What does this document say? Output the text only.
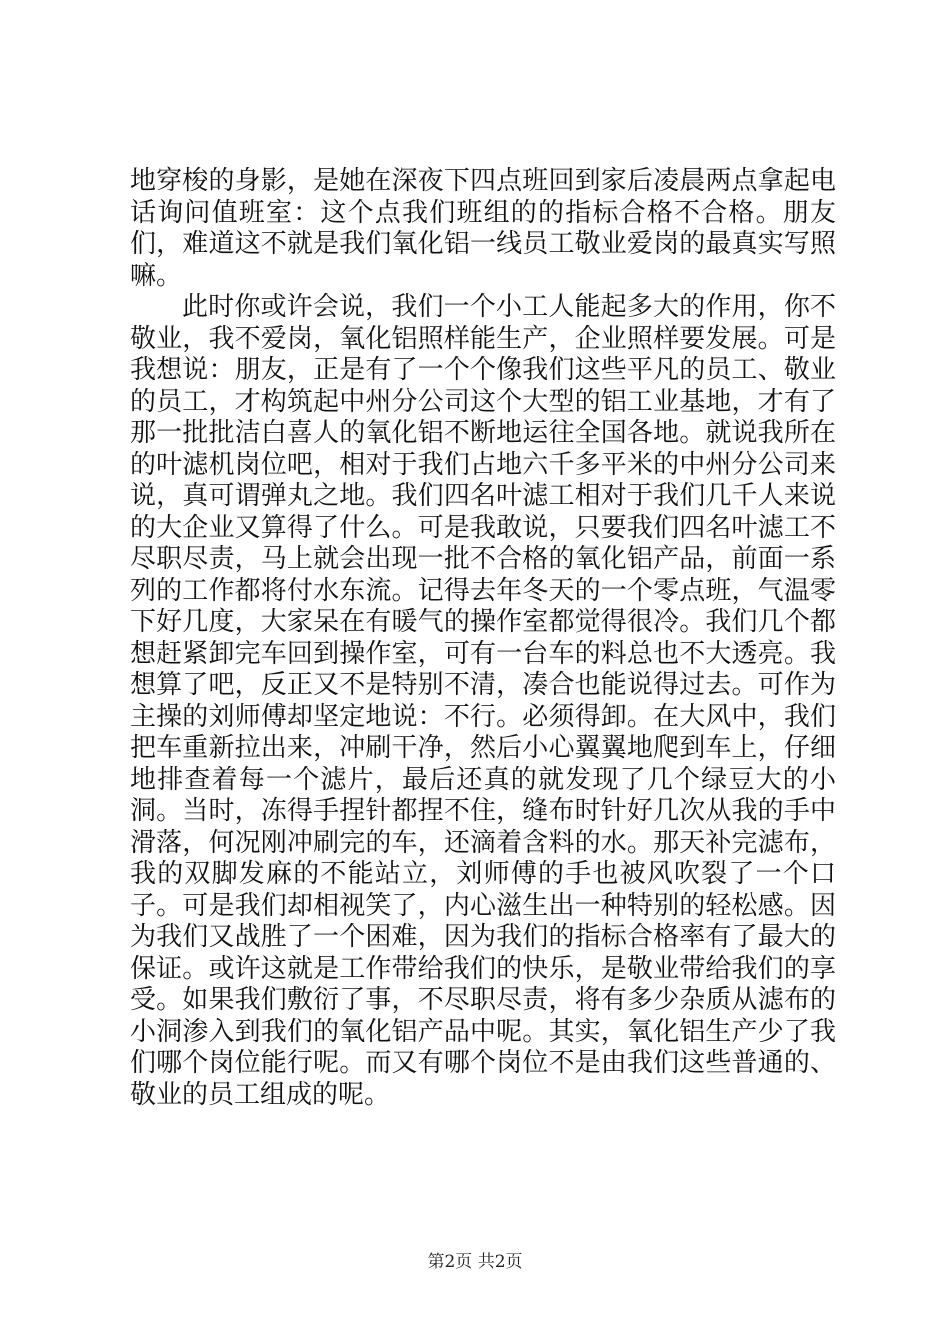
地穿梭的身影，是她在深夜下四点班回到家后凌晨两点拿起电话询问值班室：这个点我们班组的的指标合格不合格。朋友们，难道这不就是我们氧化铝一线员工敬业爱岗的最真实写照嘛。

此时你或许会说，我们一个小工人能起多大的作用，你不敬业，我不爱岗，氧化铝照样能生产，企业照样要发展。可是我想说：朋友，正是有了一个个像我们这些平凡的员工、敬业的员工，才构筑起中州分公司这个大型的铝工业基地，才有了那一批批洁白喜人的氧化铝不断地运往全国各地。就说我所在的叶滤机岗位吧，相对于我们占地六千多平米的中州分公司来说，真可谓弹丸之地。我们四名叶滤工相对于我们几千人来说的大企业又算得了什么。可是我敢说，只要我们四名叶滤工不尽职尽责，马上就会出现一批不合格的氧化铝产品，前面一系列的工作都将付水东流。记得去年冬天的一个零点班，气温零下好几度，大家呆在有暖气的操作室都觉得很冷。我们几个都想赶紧卸完车回到操作室，可有一台车的料总也不大透亮。我想算了吧，反正又不是特别不清，凑合也能说得过去。可作为主操的刘师傅却坚定地说：不行。必须得卸。在大风中，我们把车重新拉出来，冲刷干净，然后小心翼翼地爬到车上，仔细地排查着每一个滤片，最后还真的就发现了几个绿豆大的小洞。当时，冻得手捏针都捏不住，缝布时针好几次从我的手中滑落，何况刚冲刷完的车，还滴着含料的水。那天补完滤布，我的双脚发麻的不能站立，刘师傅的手也被风吹裂了一个口子。可是我们却相视笑了，内心滋生出一种特别的轻松感。因为我们又战胜了一个困难，因为我们的指标合格率有了最大的保证。或许这就是工作带给我们的快乐，是敬业带给我们的享受。如果我们敷衍了事，不尽职尽责，将有多少杂质从滤布的小洞渗入到我们的氧化铝产品中呢。其实，氧化铝生产少了我们哪个岗位能行呢。而又有哪个岗位不是由我们这些普通的、敬业的员工组成的呢。

第2页 共2页
